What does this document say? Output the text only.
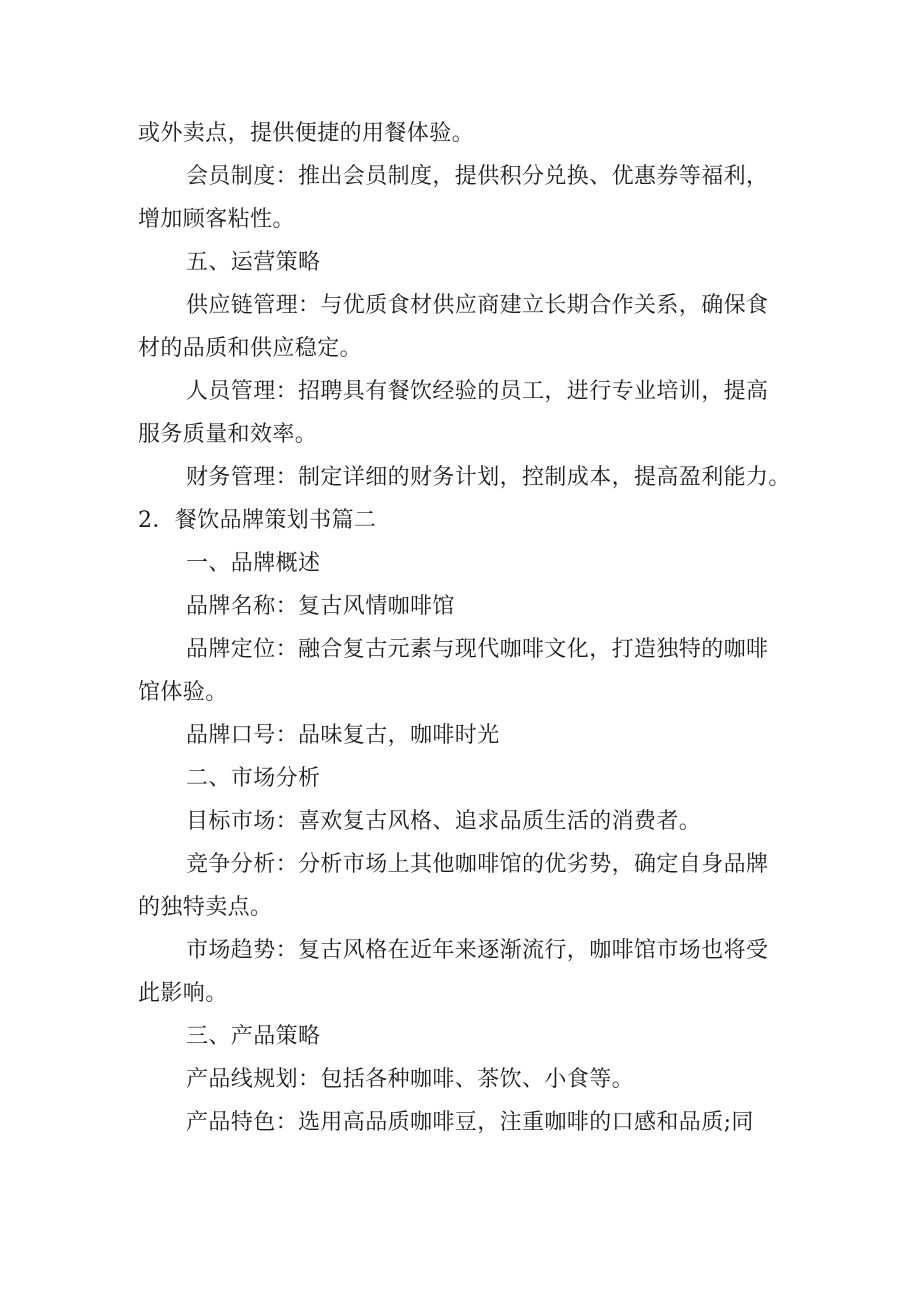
或外卖点，提供便捷的用餐体验。
会员制度：推出会员制度，提供积分兑换、优惠券等福利，
增加顾客粘性。
五、运营策略
供应链管理：与优质食材供应商建立长期合作关系，确保食
材的品质和供应稳定。
人员管理：招聘具有餐饮经验的员工，进行专业培训，提高
服务质量和效率。
财务管理：制定详细的财务计划，控制成本，提高盈利能力。
2．餐饮品牌策划书篇二
一、品牌概述
品牌名称：复古风情咖啡馆
品牌定位：融合复古元素与现代咖啡文化，打造独特的咖啡
馆体验。
品牌口号：品味复古，咖啡时光
二、市场分析
目标市场：喜欢复古风格、追求品质生活的消费者。
竞争分析：分析市场上其他咖啡馆的优劣势，确定自身品牌
的独特卖点。
市场趋势：复古风格在近年来逐渐流行，咖啡馆市场也将受
此影响。
三、产品策略
产品线规划：包括各种咖啡、茶饮、小食等。
产品特色：选用高品质咖啡豆，注重咖啡的口感和品质;同
